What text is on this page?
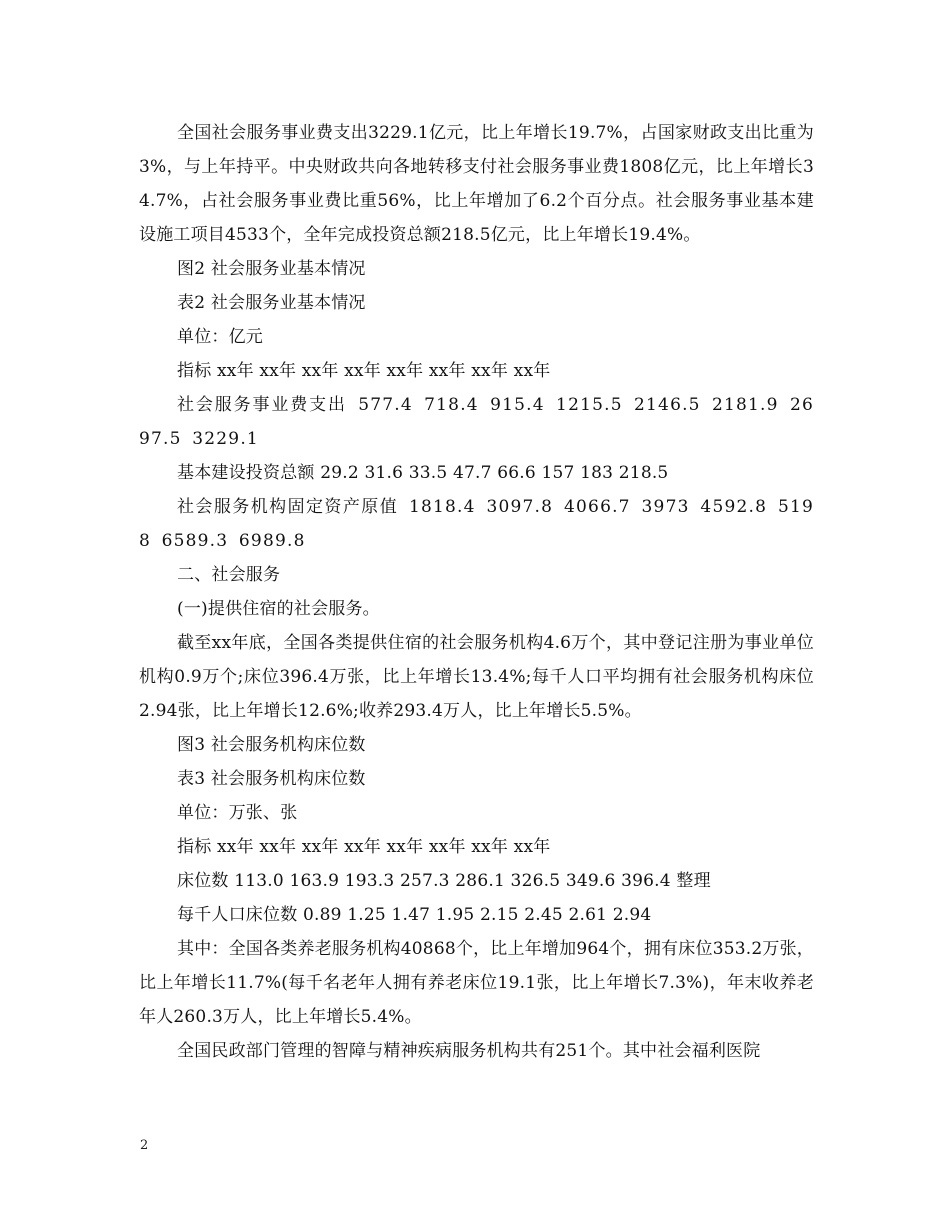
全国社会服务事业费支出3229.1亿元，比上年增长19.7%，占国家财政支出比重为3%，与上年持平。中央财政共向各地转移支付社会服务事业费1808亿元，比上年增长34.7%，占社会服务事业费比重56%，比上年增加了6.2个百分点。社会服务事业基本建设施工项目4533个，全年完成投资总额218.5亿元，比上年增长19.4%。

图2 社会服务业基本情况

表2 社会服务业基本情况

单位：亿元

指标 xx年 xx年 xx年 xx年 xx年 xx年 xx年 xx年

社会服务事业费支出 577.4 718.4 915.4 1215.5 2146.5 2181.9 2697.5 3229.1

基本建设投资总额 29.2 31.6 33.5 47.7 66.6 157 183 218.5

社会服务机构固定资产原值 1818.4 3097.8 4066.7 3973 4592.8 5198 6589.3 6989.8

二、社会服务

(一)提供住宿的社会服务。

截至xx年底，全国各类提供住宿的社会服务机构4.6万个，其中登记注册为事业单位机构0.9万个;床位396.4万张，比上年增长13.4%;每千人口平均拥有社会服务机构床位2.94张，比上年增长12.6%;收养293.4万人，比上年增长5.5%。

图3 社会服务机构床位数

表3 社会服务机构床位数

单位：万张、张

指标 xx年 xx年 xx年 xx年 xx年 xx年 xx年 xx年

床位数 113.0 163.9 193.3 257.3 286.1 326.5 349.6 396.4 整理

每千人口床位数 0.89 1.25 1.47 1.95 2.15 2.45 2.61 2.94

其中：全国各类养老服务机构40868个，比上年增加964个，拥有床位353.2万张，比上年增长11.7%(每千名老年人拥有养老床位19.1张，比上年增长7.3%)，年末收养老年人260.3万人，比上年增长5.4%。

全国民政部门管理的智障与精神疾病服务机构共有251个。其中社会福利医院

2
